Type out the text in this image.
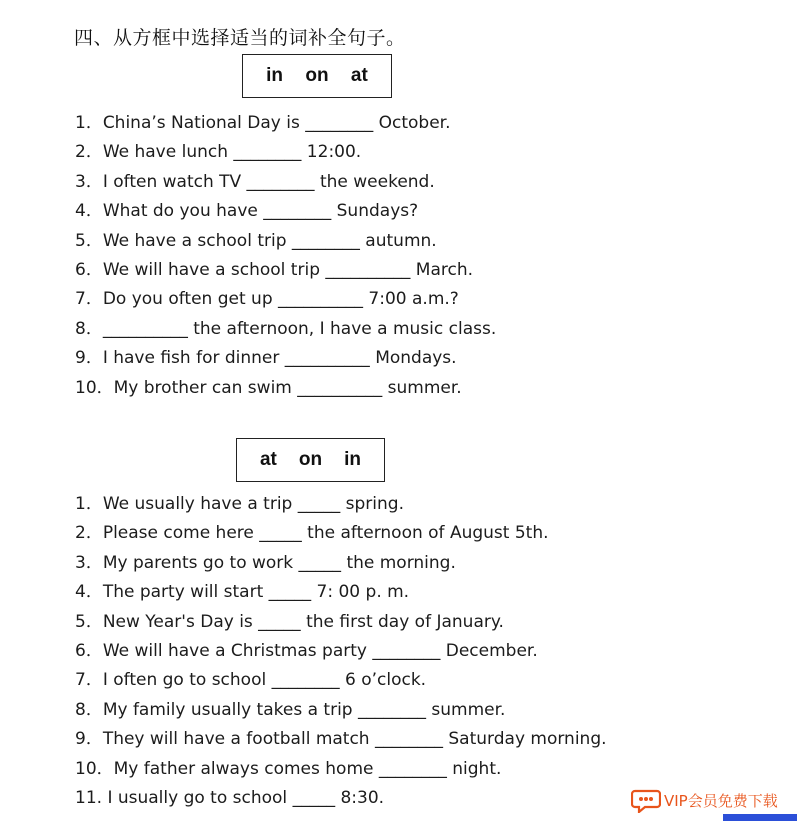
四、从方框中选择适当的词补全句子。
in on at
1．China’s National Day is ________ October.
2．We have lunch ________ 12:00.
3．I often watch TV ________ the weekend.
4．What do you have ________ Sundays?
5．We have a school trip ________ autumn.
6．We will have a school trip __________ March.
7．Do you often get up __________ 7:00 a.m.?
8．__________ the afternoon, I have a music class.
9．I have fish for dinner __________ Mondays.
10．My brother can swim __________ summer.
at on in
1．We usually have a trip _____ spring.
2．Please come here _____ the afternoon of August 5th.
3．My parents go to work _____ the morning.
4．The party will start _____ 7: 00 p. m.
5．New Year's Day is _____ the first day of January.
6．We will have a Christmas party ________ December.
7．I often go to school ________ 6 o’clock.
8．My family usually takes a trip ________ summer.
9．They will have a football match ________ Saturday morning.
10．My father always comes home ________ night.
11. I usually go to school _____ 8:30.	VIP会员免费下载
